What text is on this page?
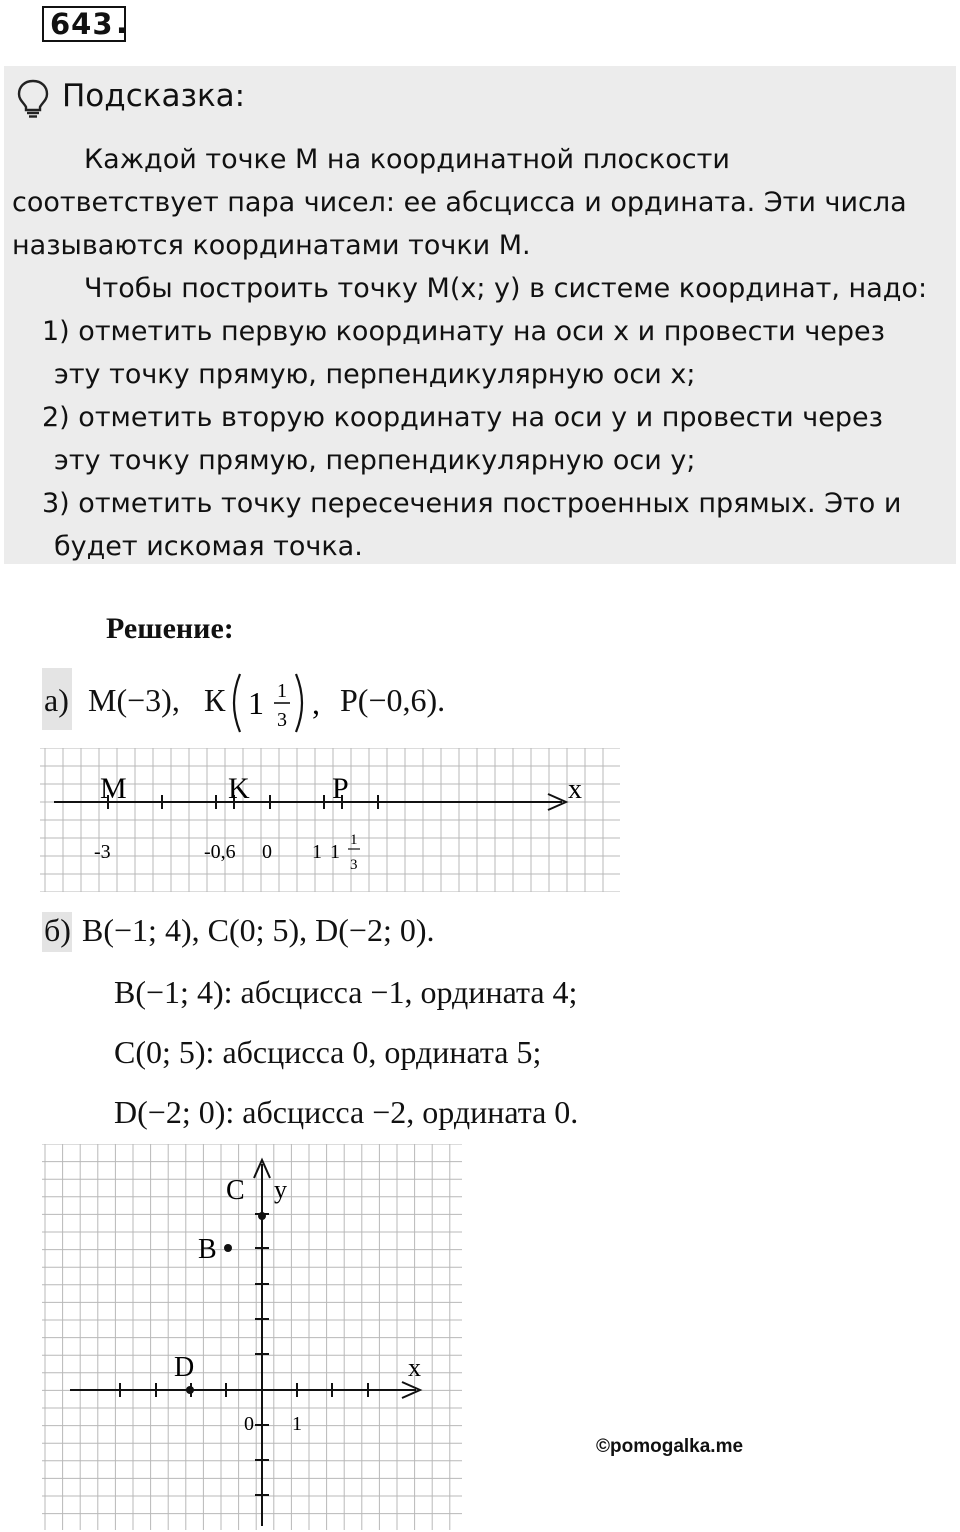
643 .
Подсказка:

Каждой точке М на координатной плоскости

соответствует пара чисел: ее абсцисса и ордината. Эти числа

называются координатами точки М.

Чтобы построить точку М(x; y) в системе координат, надо:

1) отметить первую координату на оси x и провести через

эту точку прямую, перпендикулярную оси x;

2) отметить вторую координату на оси y и провести через

эту точку прямую, перпендикулярную оси y;

3) отметить точку пересечения построенных прямых. Это и

будет искомая точка.

Решение:
а) M(−3), К 1 1
3 , P(−0,6).
M	K	P	x
-3	-0,6 0 1 1
1
3
б) B(−1; 4), C(0; 5), D(−2; 0).
B(−1; 4): абсцисса −1, ордината 4;
C(0; 5): абсцисса 0, ордината 5;
D(−2; 0): абсцисса −2, ордината 0.
C
B
D
y
x
0 1
©pomogalka.me
